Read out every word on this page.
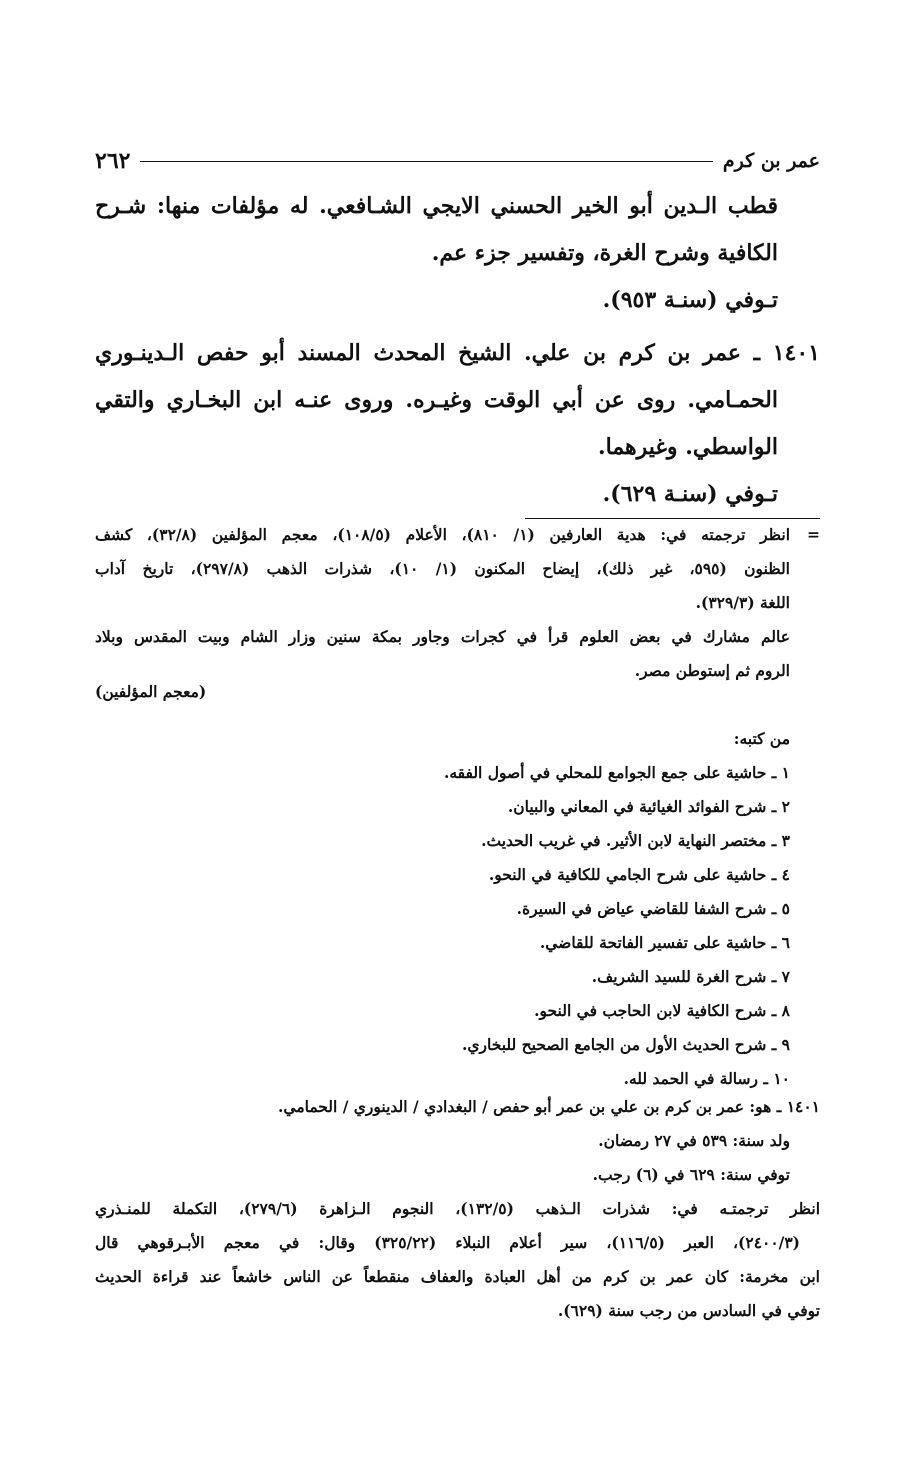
عمر بن كرم
٢٦٢
قطب الـدين أبو الخير الحسني الايجي الشـافعي. له مؤلفات منها: شـرح
الكافية وشرح الغرة، وتفسير جزء عم.
تـوفي (سنـة ٩٥٣).
١٤٠١ ـ عمر بن كرم بن علي. الشيخ المحدث المسند أبو حفص الـدينـوري
الحمـامي. روى عن أبي الوقت وغيـره. وروى عنـه ابن البخـاري والتقي
الواسطي. وغيرهما.
تـوفي (سنـة ٦٢٩).
=انظر ترجمته في: هدية العارفين (١/ ٨١٠)، الأعلام (١٠٨/٥)، معجم المؤلفين (٣٢/٨)، كشف
الظنون (٥٩٥، غير ذلك)، إيضاح المكنون (١/ ١٠)، شذرات الذهب (٢٩٧/٨)، تاريخ آداب
اللغة (٣٢٩/٣).
عالم مشارك في بعض العلوم قرأ في كجرات وجاور بمكة سنين وزار الشام وبيت المقدس وبلاد
الروم ثم إستوطن مصر.
(معجم المؤلفين)
من كتبه:
١ ـ حاشية على جمع الجوامع للمحلي في أصول الفقه.
٢ ـ شرح الفوائد الغيائية في المعاني والبيان.
٣ ـ مختصر النهاية لابن الأثير. في غريب الحديث.
٤ ـ حاشية على شرح الجامي للكافية في النحو.
٥ ـ شرح الشفا للقاضي عياض في السيرة.
٦ ـ حاشية على تفسير الفاتحة للقاضي.
٧ ـ شرح الغرة للسيد الشريف.
٨ ـ شرح الكافية لابن الحاجب في النحو.
٩ ـ شرح الحديث الأول من الجامع الصحيح للبخاري.
١٠ ـ رسالة في الحمد لله.
١٤٠١ ـ هو: عمر بن كرم بن علي بن عمر أبو حفص / البغدادي / الدينوري / الحمامي.
ولد سنة: ٥٣٩ في ٢٧ رمضان.
توفي سنة: ٦٢٩ في (٦) رجب.
انظر ترجمتـه في: شذرات الـذهب (١٣٢/٥)، النجوم الـزاهرة (٢٧٩/٦)، التكملة للمنـذري
(٢٤٠٠/٣)، العبر (١١٦/٥)، سير أعلام النبلاء (٣٢٥/٢٢) وقال: في معجم الأبـرقوهي قال
ابن مخرمة: كان عمر بن كرم من أهل العبادة والعفاف منقطعاً عن الناس خاشعاً عند قراءة الحديث
توفي في السادس من رجب سنة (٦٢٩).
